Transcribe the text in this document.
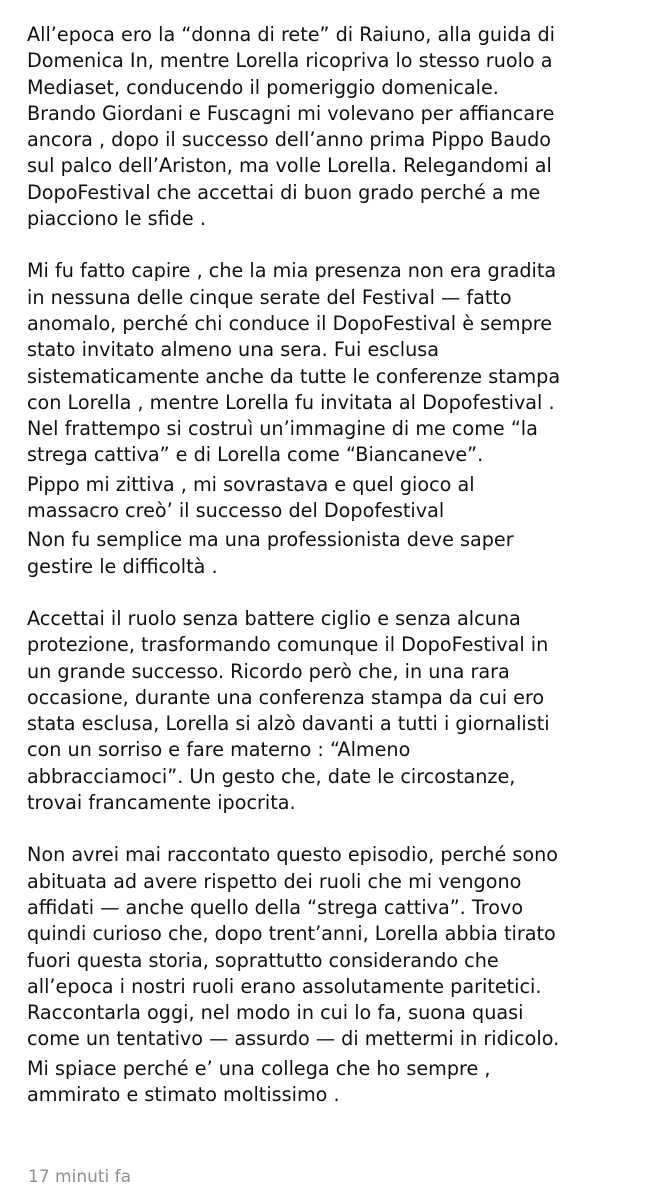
All’epoca ero la “donna di rete” di Raiuno, alla guida di
Domenica In, mentre Lorella ricopriva lo stesso ruolo a
Mediaset, conducendo il pomeriggio domenicale.
Brando Giordani e Fuscagni mi volevano per affiancare
ancora , dopo il successo dell’anno prima Pippo Baudo
sul palco dell’Ariston, ma volle Lorella. Relegandomi al
DopoFestival che accettai di buon grado perché a me
piacciono le sfide .
Mi fu fatto capire , che la mia presenza non era gradita
in nessuna delle cinque serate del Festival — fatto
anomalo, perché chi conduce il DopoFestival è sempre
stato invitato almeno una sera. Fui esclusa
sistematicamente anche da tutte le conferenze stampa
con Lorella , mentre Lorella fu invitata al Dopofestival .
Nel frattempo si costruì un’immagine di me come “la
strega cattiva” e di Lorella come “Biancaneve”.
Pippo mi zittiva , mi sovrastava e quel gioco al
massacro creò’ il successo del Dopofestival
Non fu semplice ma una professionista deve saper
gestire le difficoltà .
Accettai il ruolo senza battere ciglio e senza alcuna
protezione, trasformando comunque il DopoFestival in
un grande successo. Ricordo però che, in una rara
occasione, durante una conferenza stampa da cui ero
stata esclusa, Lorella si alzò davanti a tutti i giornalisti
con un sorriso e fare materno : “Almeno
abbracciamoci”. Un gesto che, date le circostanze,
trovai francamente ipocrita.
Non avrei mai raccontato questo episodio, perché sono
abituata ad avere rispetto dei ruoli che mi vengono
affidati — anche quello della “strega cattiva”. Trovo
quindi curioso che, dopo trent’anni, Lorella abbia tirato
fuori questa storia, soprattutto considerando che
all’epoca i nostri ruoli erano assolutamente paritetici.
Raccontarla oggi, nel modo in cui lo fa, suona quasi
come un tentativo — assurdo — di mettermi in ridicolo.
Mi spiace perché e’ una collega che ho sempre ,
ammirato e stimato moltissimo .
17 minuti fa
